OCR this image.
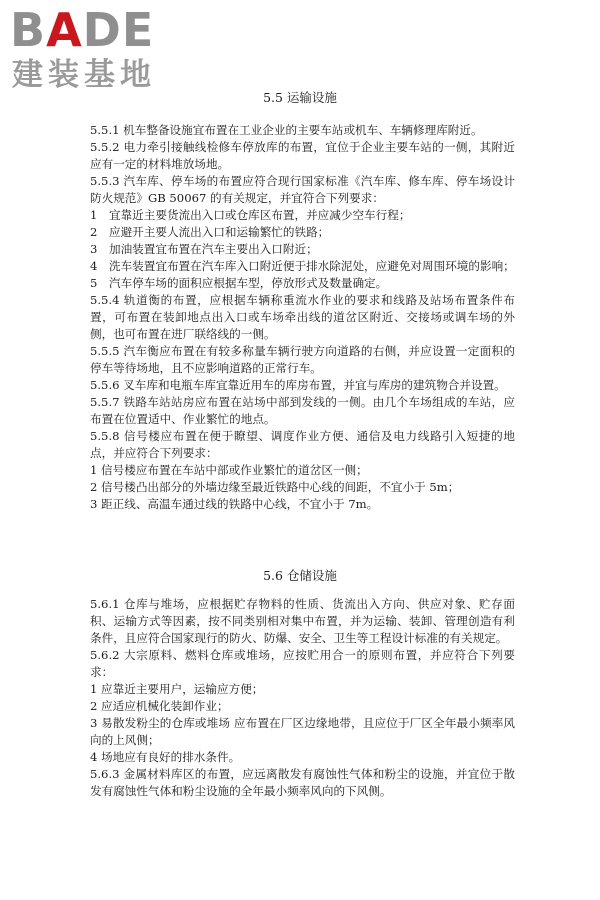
BADE
建装基地
5.5 运输设施

5.5.1 机车整备设施宜布置在工业企业的主要车站或机车、车辆修理库附近。

5.5.2 电力牵引接触线检修车停放库的布置，宜位于企业主要车站的一侧，其附近应有一定的材料堆放场地。

5.5.3 汽车库、停车场的布置应符合现行国家标准《汽车库、修车库、停车场设计防火规范》GB 50067 的有关规定，并宜符合下列要求：

1　宜靠近主要货流出入口或仓库区布置，并应减少空车行程；

2　应避开主要人流出入口和运输繁忙的铁路；

3　加油装置宜布置在汽车主要出入口附近；

4　洗车装置宜布置在汽车库入口附近便于排水除泥处，应避免对周围环境的影响；

5　汽车停车场的面积应根据车型，停放形式及数量确定。

5.5.4 轨道衡的布置，应根据车辆称重流水作业的要求和线路及站场布置条件布置，可布置在装卸地点出入口或车场牵出线的道岔区附近、交接场或调车场的外侧，也可布置在进厂联络线的一侧。

5.5.5 汽车衡应布置在有较多称量车辆行驶方向道路的右侧，并应设置一定面积的停车等待场地，且不应影响道路的正常行车。

5.5.6 叉车库和电瓶车库宜靠近用车的库房布置，并宜与库房的建筑物合并设置。

5.5.7 铁路车站站房应布置在站场中部到发线的一侧。由几个车场组成的车站，应布置在位置适中、作业繁忙的地点。

5.5.8 信号楼应布置在便于瞭望、调度作业方便、通信及电力线路引入短捷的地点，并应符合下列要求：

1 信号楼应布置在车站中部或作业繁忙的道岔区一侧；

2 信号楼凸出部分的外墙边缘至最近铁路中心线的间距，不宜小于 5m；

3 距正线、高温车通过线的铁路中心线，不宜小于 7m。

5.6 仓储设施

5.6.1 仓库与堆场，应根据贮存物料的性质、货流出入方向、供应对象、贮存面积、运输方式等因素，按不同类别相对集中布置，并为运输、装卸、管理创造有利条件，且应符合国家现行的防火、防爆、安全、卫生等工程设计标准的有关规定。

5.6.2 大宗原料、燃料仓库或堆场，应按贮用合一的原则布置，并应符合下列要求：

1 应靠近主要用户，运输应方便；

2 应适应机械化装卸作业；

3 易散发粉尘的仓库或堆场 应布置在厂区边缘地带，且应位于厂区全年最小频率风向的上风侧；

4 场地应有良好的排水条件。

5.6.3 金属材料库区的布置，应远离散发有腐蚀性气体和粉尘的设施，并宜位于散发有腐蚀性气体和粉尘设施的全年最小频率风向的下风侧。
